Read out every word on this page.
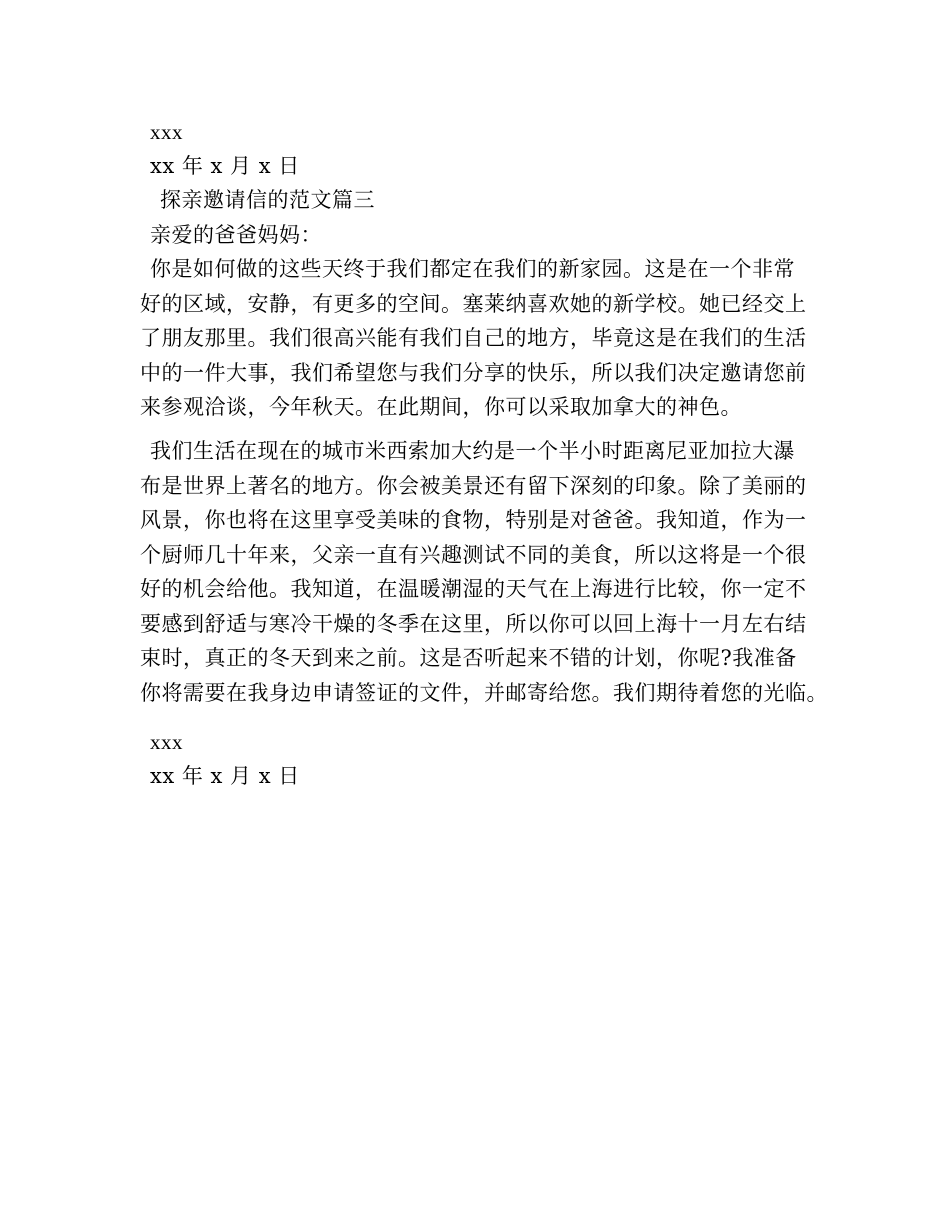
xxx
xx 年 x 月 x 日
探亲邀请信的范文篇三
亲爱的爸爸妈妈：
你是如何做的这些天终于我们都定在我们的新家园。这是在一个非常
好的区域，安静，有更多的空间。塞莱纳喜欢她的新学校。她已经交上
了朋友那里。我们很高兴能有我们自己的地方，毕竟这是在我们的生活
中的一件大事，我们希望您与我们分享的快乐，所以我们决定邀请您前
来参观洽谈，今年秋天。在此期间，你可以采取加拿大的神色。
我们生活在现在的城市米西索加大约是一个半小时距离尼亚加拉大瀑
布是世界上著名的地方。你会被美景还有留下深刻的印象。除了美丽的
风景，你也将在这里享受美味的食物，特别是对爸爸。我知道，作为一
个厨师几十年来，父亲一直有兴趣测试不同的美食，所以这将是一个很
好的机会给他。我知道，在温暖潮湿的天气在上海进行比较，你一定不
要感到舒适与寒冷干燥的冬季在这里，所以你可以回上海十一月左右结
束时，真正的冬天到来之前。这是否听起来不错的计划，你呢?我准备
你将需要在我身边申请签证的文件，并邮寄给您。我们期待着您的光临。
xxx
xx 年 x 月 x 日
